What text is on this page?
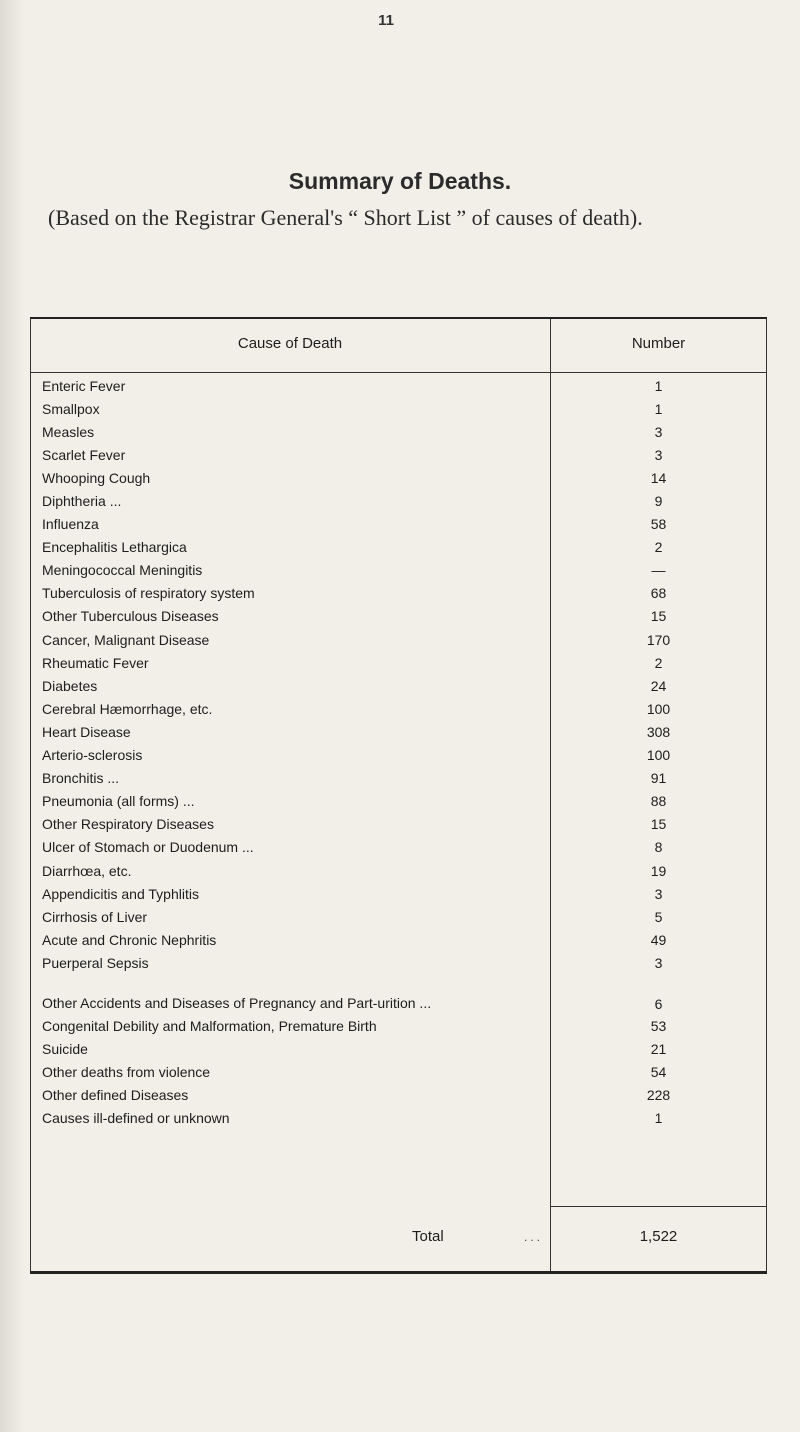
11
Summary of Deaths.
(Based on the Registrar General's “ Short List ” of causes of death).
Cause of Death	Number
Enteric Fever	1
Smallpox	1
Measles	3
Scarlet Fever	3
Whooping Cough	14
Diphtheria ...	9
Influenza	58
Encephalitis Lethargica	2
Meningococcal Meningitis	—
Tuberculosis of respiratory system	68
Other Tuberculous Diseases	15
Cancer, Malignant Disease	170
Rheumatic Fever	2
Diabetes	24
Cerebral Hæmorrhage, etc.	100
Heart Disease	308
Arterio-sclerosis	100
Bronchitis ...	91
Pneumonia (all forms) ...	88
Other Respiratory Diseases	15
Ulcer of Stomach or Duodenum ...	8
Diarrhœa, etc.	19
Appendicitis and Typhlitis	3
Cirrhosis of Liver	5
Acute and Chronic Nephritis	49
Puerperal Sepsis	3
Other Accidents and Diseases of Pregnancy and Part-urition ...	6
Congenital Debility and Malformation, Premature Birth	53
Suicide	21
Other deaths from violence	54
Other defined Diseases	228
Causes ill-defined or unknown	1
Total	...	1,522
